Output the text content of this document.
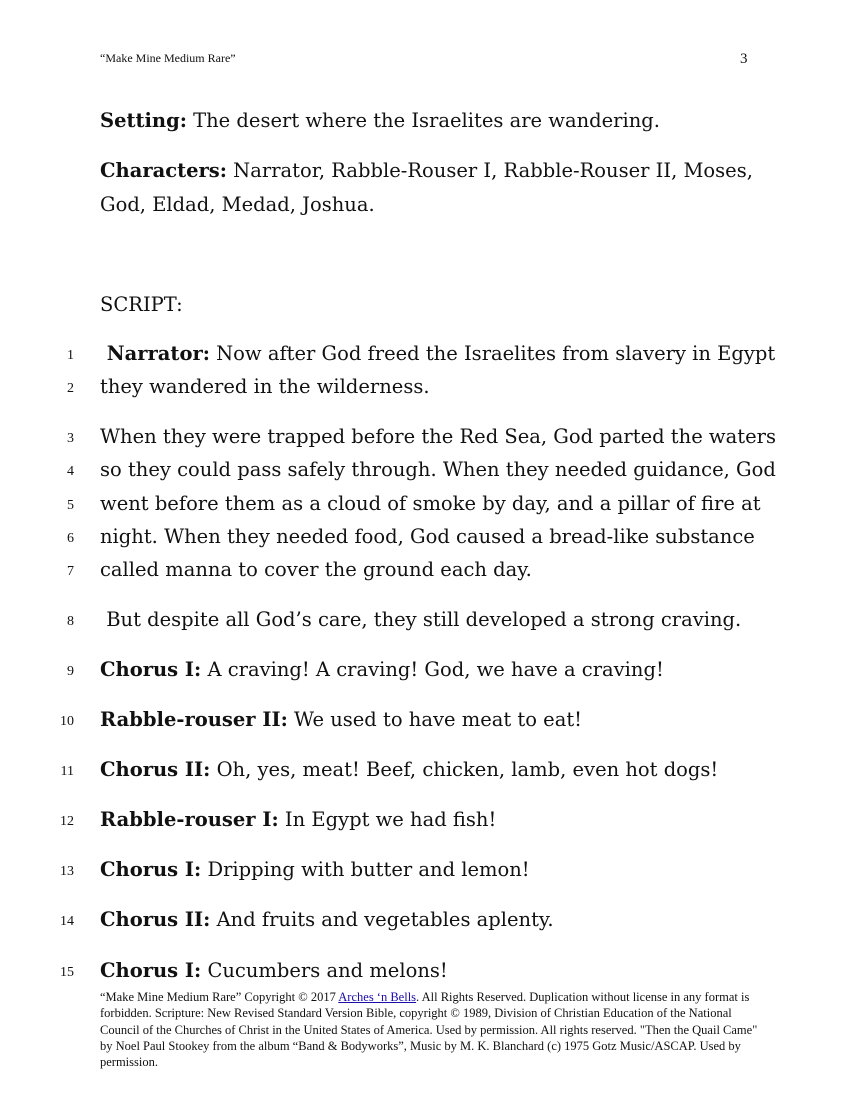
“Make Mine Medium Rare”	3
Setting: The desert where the Israelites are wandering.
Characters: Narrator, Rabble-Rouser I, Rabble-Rouser II, Moses,
God, Eldad, Medad, Joshua.
SCRIPT:
1 Narrator: Now after God freed the Israelites from slavery in Egypt
2 they wandered in the wilderness.
3 When they were trapped before the Red Sea, God parted the waters
4 so they could pass safely through. When they needed guidance, God
5 went before them as a cloud of smoke by day, and a pillar of fire at
6 night. When they needed food, God caused a bread-like substance
7 called manna to cover the ground each day.
8 But despite all God’s care, they still developed a strong craving.
9 Chorus I: A craving! A craving! God, we have a craving!
10 Rabble-rouser II: We used to have meat to eat!
11 Chorus II: Oh, yes, meat! Beef, chicken, lamb, even hot dogs!
12 Rabble-rouser I: In Egypt we had fish!
13 Chorus I: Dripping with butter and lemon!
14 Chorus II: And fruits and vegetables aplenty.
15 Chorus I: Cucumbers and melons!
“Make Mine Medium Rare” Copyright © 2017 Arches ‘n Bells. All Rights Reserved. Duplication without license in any format is forbidden. Scripture: New Revised Standard Version Bible, copyright © 1989, Division of Christian Education of the National Council of the Churches of Christ in the United States of America. Used by permission. All rights reserved. "Then the Quail Came" by Noel Paul Stookey from the album “Band & Bodyworks”, Music by M. K. Blanchard (c) 1975 Gotz Music/ASCAP. Used by permission.
